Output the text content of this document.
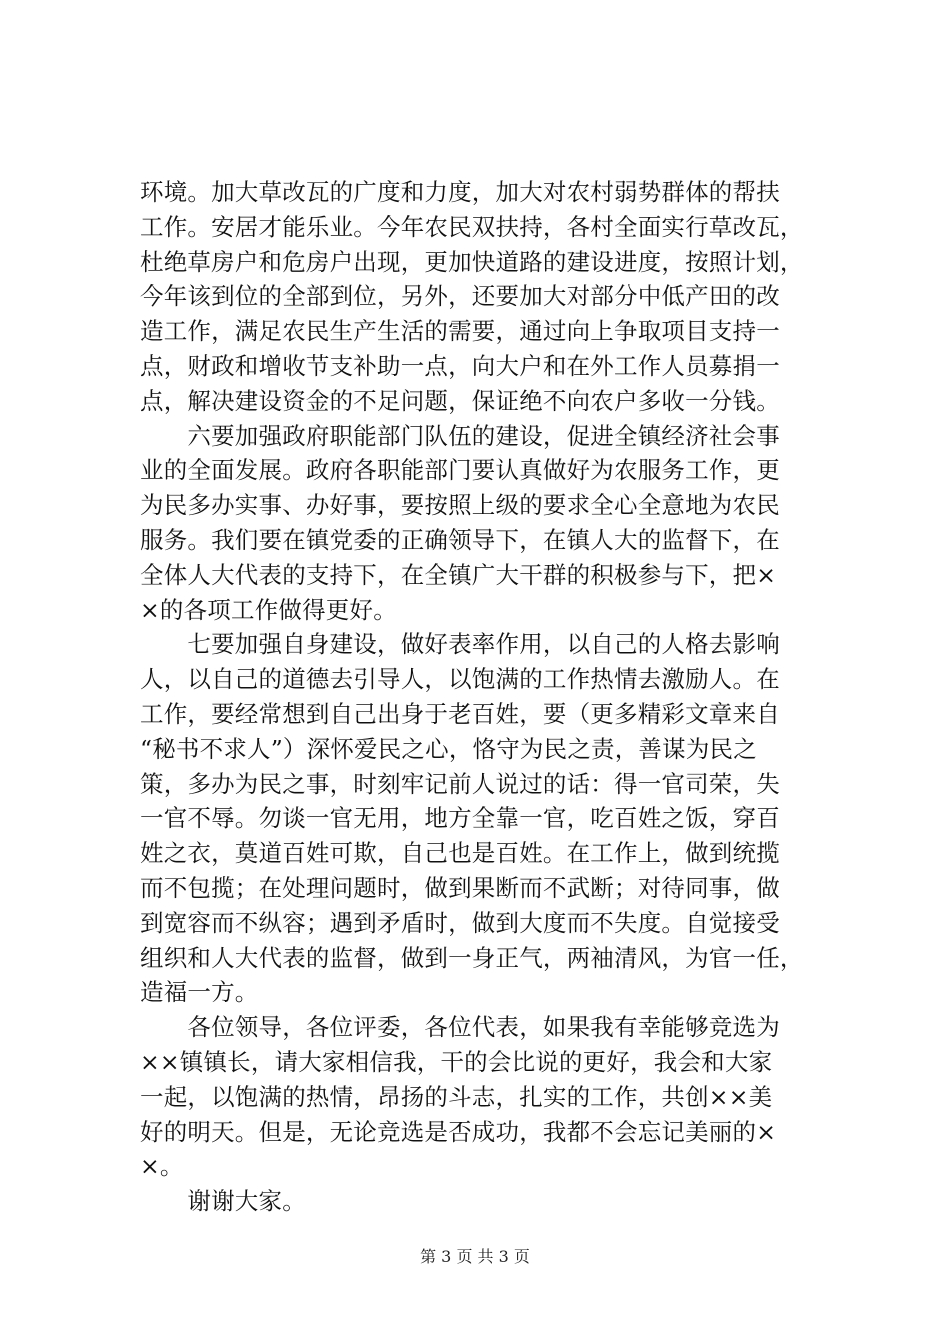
环境。加大草改瓦的广度和力度，加大对农村弱势群体的帮扶
工作。安居才能乐业。今年农民双扶持，各村全面实行草改瓦，
杜绝草房户和危房户出现，更加快道路的建设进度，按照计划，
今年该到位的全部到位，另外，还要加大对部分中低产田的改
造工作，满足农民生产生活的需要，通过向上争取项目支持一
点，财政和增收节支补助一点，向大户和在外工作人员募捐一
点，解决建设资金的不足问题，保证绝不向农户多收一分钱。
　　六要加强政府职能部门队伍的建设，促进全镇经济社会事
业的全面发展。政府各职能部门要认真做好为农服务工作，更
为民多办实事、办好事，要按照上级的要求全心全意地为农民
服务。我们要在镇党委的正确领导下，在镇人大的监督下，在
全体人大代表的支持下，在全镇广大干群的积极参与下，把×
×的各项工作做得更好。
　　七要加强自身建设，做好表率作用，以自己的人格去影响
人，以自己的道德去引导人，以饱满的工作热情去激励人。在
工作，要经常想到自己出身于老百姓，要（更多精彩文章来自
“秘书不求人”）深怀爱民之心，恪守为民之责，善谋为民之
策，多办为民之事，时刻牢记前人说过的话：得一官司荣，失
一官不辱。勿谈一官无用，地方全靠一官，吃百姓之饭，穿百
姓之衣，莫道百姓可欺，自己也是百姓。在工作上，做到统揽
而不包揽；在处理问题时，做到果断而不武断；对待同事，做
到宽容而不纵容；遇到矛盾时，做到大度而不失度。自觉接受
组织和人大代表的监督，做到一身正气，两袖清风，为官一任，
造福一方。
　　各位领导，各位评委，各位代表，如果我有幸能够竞选为
××镇镇长，请大家相信我，干的会比说的更好，我会和大家
一起，以饱满的热情，昂扬的斗志，扎实的工作，共创××美
好的明天。但是，无论竞选是否成功，我都不会忘记美丽的×
×。
　　谢谢大家。
第 3 页 共 3 页
